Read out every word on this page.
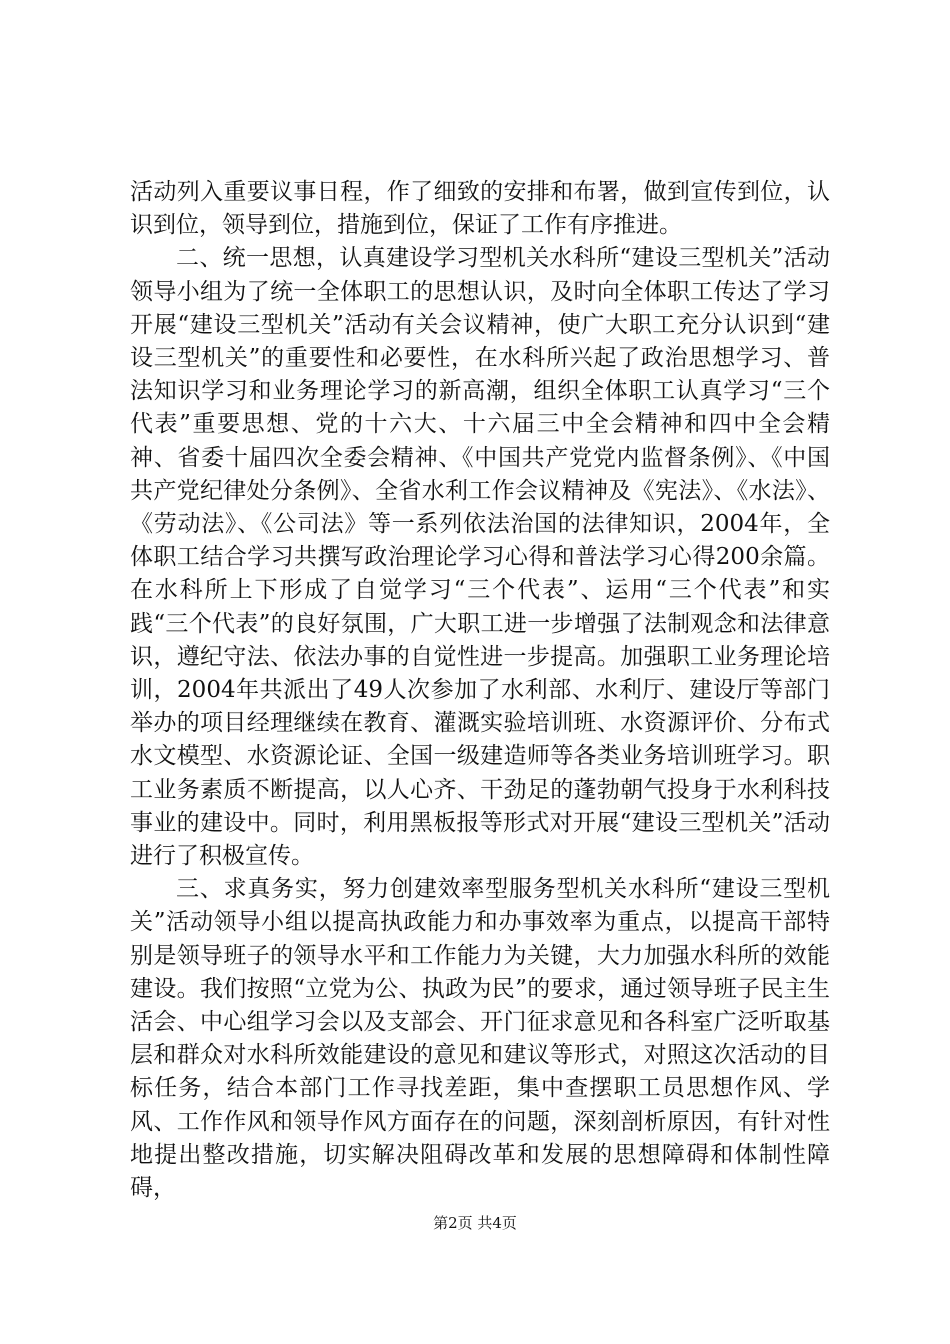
活动列入重要议事日程，作了细致的安排和布署，做到宣传到位，认识到位，领导到位，措施到位，保证了工作有序推进。

二、统一思想，认真建设学习型机关水科所“建设三型机关”活动领导小组为了统一全体职工的思想认识，及时向全体职工传达了学习开展“建设三型机关”活动有关会议精神，使广大职工充分认识到“建设三型机关”的重要性和必要性，在水科所兴起了政治思想学习、普法知识学习和业务理论学习的新高潮，组织全体职工认真学习“三个代表”重要思想、党的十六大、十六届三中全会精神和四中全会精神、省委十届四次全委会精神、《中国共产党党内监督条例》、《中国共产党纪律处分条例》、全省水利工作会议精神及《宪法》、《水法》、《劳动法》、《公司法》等一系列依法治国的法律知识，2004年，全体职工结合学习共撰写政治理论学习心得和普法学习心得200余篇。在水科所上下形成了自觉学习“三个代表”、运用“三个代表”和实践“三个代表”的良好氛围，广大职工进一步增强了法制观念和法律意识，遵纪守法、依法办事的自觉性进一步提高。加强职工业务理论培训，2004年共派出了49人次参加了水利部、水利厅、建设厅等部门举办的项目经理继续在教育、灌溉实验培训班、水资源评价、分布式水文模型、水资源论证、全国一级建造师等各类业务培训班学习。职工业务素质不断提高，以人心齐、干劲足的蓬勃朝气投身于水利科技事业的建设中。同时，利用黑板报等形式对开展“建设三型机关”活动进行了积极宣传。

三、求真务实，努力创建效率型服务型机关水科所“建设三型机关”活动领导小组以提高执政能力和办事效率为重点，以提高干部特别是领导班子的领导水平和工作能力为关键，大力加强水科所的效能建设。我们按照“立党为公、执政为民”的要求，通过领导班子民主生活会、中心组学习会以及支部会、开门征求意见和各科室广泛听取基层和群众对水科所效能建设的意见和建议等形式，对照这次活动的目标任务，结合本部门工作寻找差距，集中查摆职工员思想作风、学风、工作作风和领导作风方面存在的问题，深刻剖析原因，有针对性地提出整改措施，切实解决阻碍改革和发展的思想障碍和体制性障碍，

第2页 共4页
